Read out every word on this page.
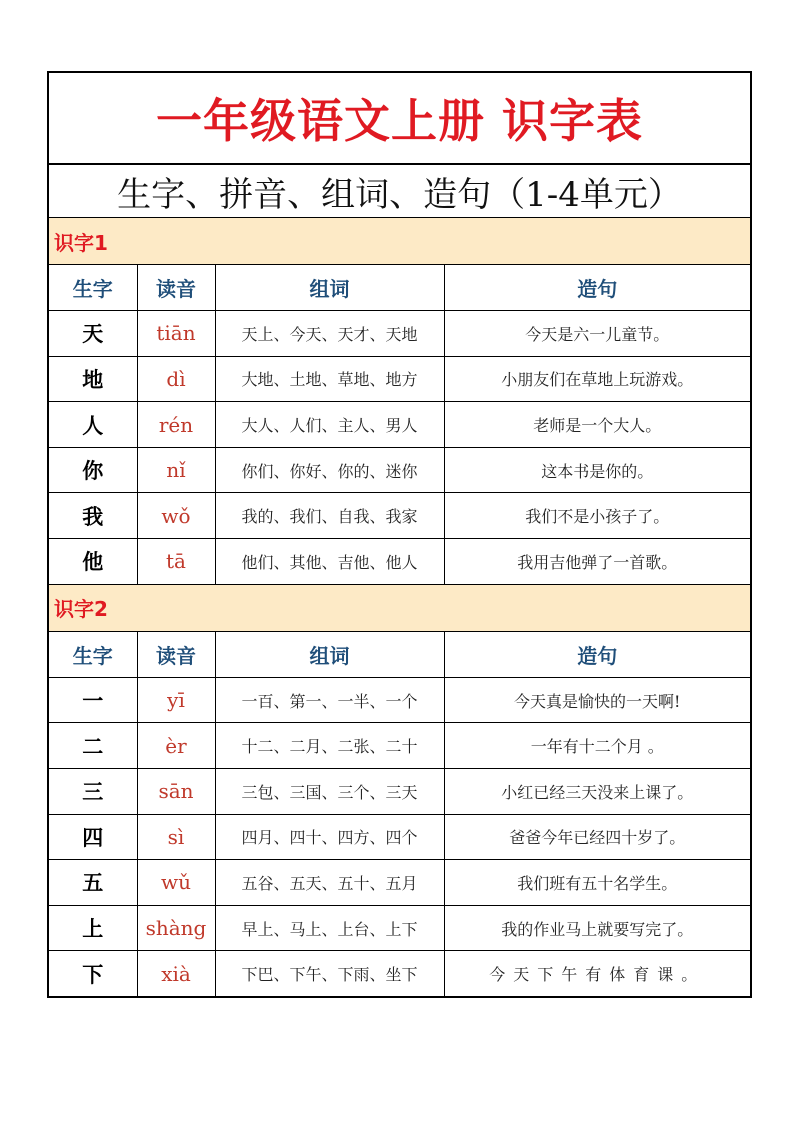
一年级语文上册 识字表
生字、拼音、组词、造句（1-4单元）
识字1
生字	读音	组词	造句
天	tiān	天上、今天、天才、天地	今天是六一儿童节。
地	dì	大地、土地、草地、地方	小朋友们在草地上玩游戏。
人	rén	大人、人们、主人、男人	老师是一个大人。
你	nǐ	你们、你好、你的、迷你	这本书是你的。
我	wǒ	我的、我们、自我、我家	我们不是小孩子了。
他	tā	他们、其他、吉他、他人	我用吉他弹了一首歌。
识字2
生字	读音	组词	造句
一	yī	一百、第一、一半、一个	今天真是愉快的一天啊!
二	èr	十二、二月、二张、二十	一年有十二个月 。
三	sān	三包、三国、三个、三天	小红已经三天没来上课了。
四	sì	四月、四十、四方、四个	爸爸今年已经四十岁了。
五	wǔ	五谷、五天、五十、五月	我们班有五十名学生。
上	shàng	早上、马上、上台、上下	我的作业马上就要写完了。
下	xià	下巴、下午、下雨、坐下	今天下午有体育课。
